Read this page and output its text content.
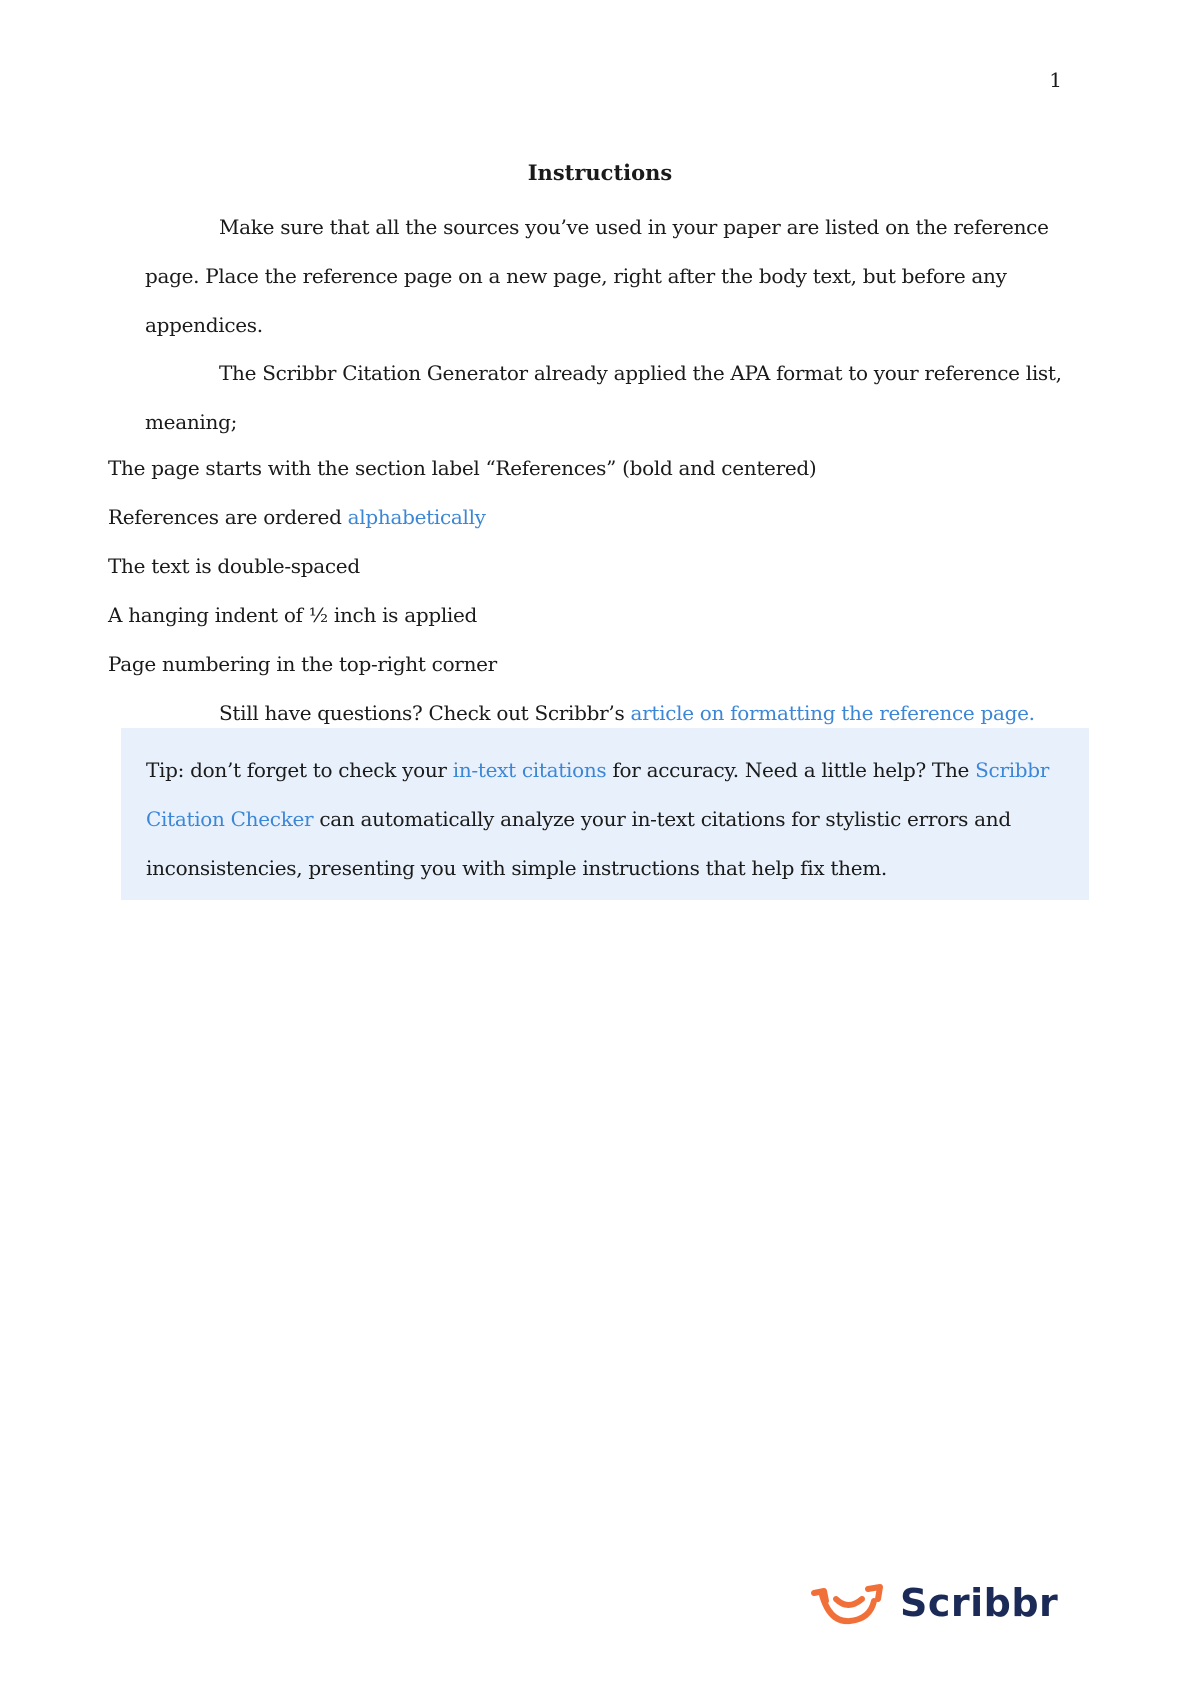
1
Instructions
Make sure that all the sources you’ve used in your paper are listed on the reference page. Place the reference page on a new page, right after the body text, but before any appendices.
The Scribbr Citation Generator already applied the APA format to your reference list, meaning;
The page starts with the section label “References” (bold and centered)
References are ordered alphabetically
The text is double-spaced
A hanging indent of ½ inch is applied
Page numbering in the top-right corner
Still have questions? Check out Scribbr’s article on formatting the reference page.
Tip: don’t forget to check your in-text citations for accuracy. Need a little help? The Scribbr Citation Checker can automatically analyze your in-text citations for stylistic errors and inconsistencies, presenting you with simple instructions that help fix them.
Scribbr
